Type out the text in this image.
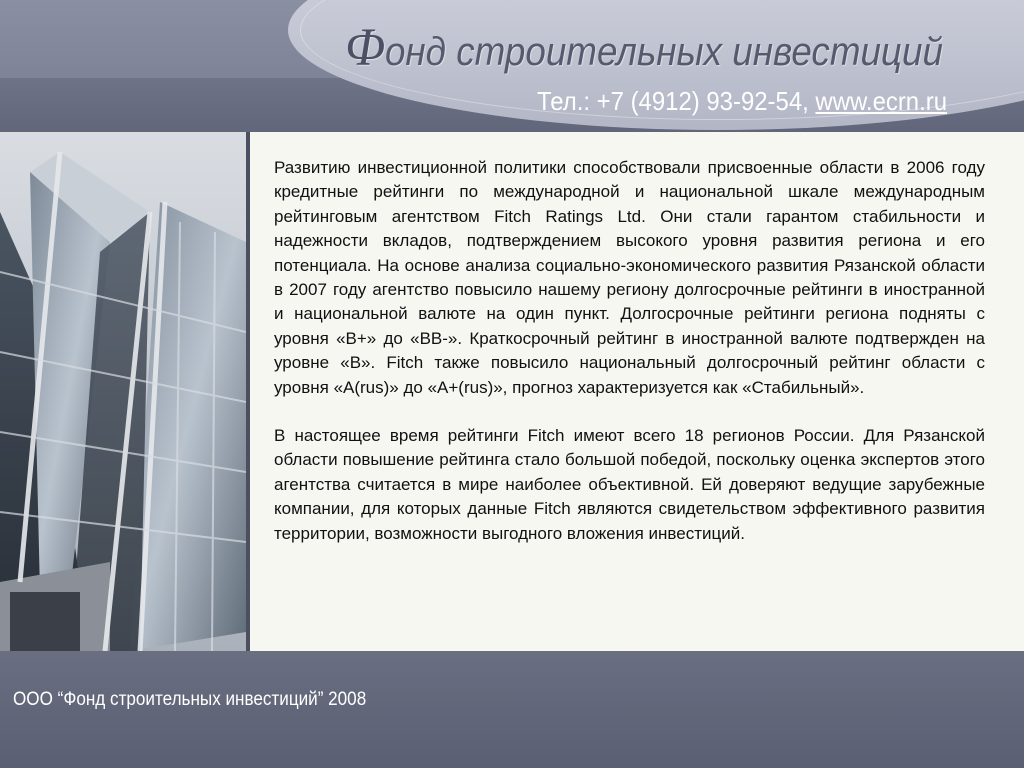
Фонд строительных инвестиций
Тел.: +7 (4912) 93-92-54, www.ecrn.ru

Развитию инвестиционной политики способствовали присвоенные области в 2006 году кредитные рейтинги по международной и национальной шкале международным рейтинговым агентством Fitch Ratings Ltd. Они стали гарантом стабильности и надежности вкладов, подтверждением высокого уровня развития региона и его потенциала. На основе анализа социально-экономического развития Рязанской области в 2007 году агентство повысило нашему региону долгосрочные рейтинги в иностранной и национальной валюте на один пункт. Долгосрочные рейтинги региона подняты с уровня «В+» до «ВВ-». Краткосрочный рейтинг в иностранной валюте подтвержден на уровне «В». Fitch также повысило национальный долгосрочный рейтинг области с уровня «А(rus)» до «А+(rus)», прогноз характеризуется как «Стабильный».

В настоящее время рейтинги Fitch имеют всего 18 регионов России. Для Рязанской области повышение рейтинга стало большой победой, поскольку оценка экспертов этого агентства считается в мире наиболее объективной. Ей доверяют ведущие зарубежные компании, для которых данные Fitch являются свидетельством эффективного развития территории, возможности выгодного вложения инвестиций.

ООО “Фонд строительных инвестиций” 2008
